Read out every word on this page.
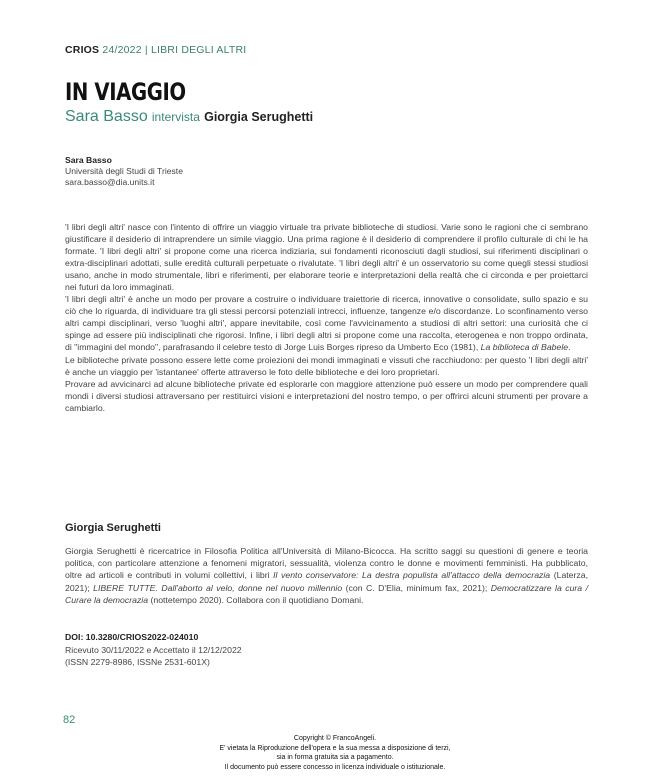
CRIOS 24/2022 | LIBRI DEGLI ALTRI
IN VIAGGIO
Sara Basso intervista Giorgia Serughetti
Sara Basso
Università degli Studi di Trieste
sara.basso@dia.units.it

'I libri degli altri' nasce con l'intento di offrire un viaggio virtuale tra private biblioteche di studiosi. Varie sono le ragioni che ci sembrano giustificare il desiderio di intraprendere un simile viaggio. Una prima ragione è il desiderio di comprendere il profilo culturale di chi le ha formate. 'I libri degli altri' si propone come una ricerca indiziaria, sui fondamenti riconosciuti dagli studiosi, sui riferimenti disciplinari o extra-disciplinari adottati, sulle eredità culturali perpetuate o rivalutate. 'I libri degli altri' è un osservatorio su come quegli stessi studiosi usano, anche in modo strumentale, libri e riferimenti, per elaborare teorie e interpretazioni della realtà che ci circonda e per proiettarci nei futuri da loro immaginati.

'I libri degli altri' è anche un modo per provare a costruire o individuare traiettorie di ricerca, innovative o consolidate, sullo spazio e su ciò che lo riguarda, di individuare tra gli stessi percorsi potenziali intrecci, influenze, tangenze e/o discordanze. Lo sconfinamento verso altri campi disciplinari, verso 'luoghi altri', appare inevitabile, così come l'avvicinamento a studiosi di altri settori: una curiosità che ci spinge ad essere più indisciplinati che rigorosi. Infine, i libri degli altri si propone come una raccolta, eterogenea e non troppo ordinata, di "immagini del mondo", parafrasando il celebre testo di Jorge Luis Borges ripreso da Umberto Eco (1981), La biblioteca di Babele.

Le biblioteche private possono essere lette come proiezioni dei mondi immaginati e vissuti che racchiudono: per questo 'I libri degli altri' è anche un viaggio per 'istantanee' offerte attraverso le foto delle biblioteche e dei loro proprietari.

Provare ad avvicinarci ad alcune biblioteche private ed esplorarle con maggiore attenzione può essere un modo per comprendere quali mondi i diversi studiosi attraversano per restituirci visioni e interpretazioni del nostro tempo, o per offrirci alcuni strumenti per provare a cambiarlo.

Giorgia Serughetti

Giorgia Serughetti è ricercatrice in Filosofia Politica all'Università di Milano-Bicocca. Ha scritto saggi su questioni di genere e teoria politica, con particolare attenzione a fenomeni migratori, sessualità, violenza contro le donne e movimenti femministi. Ha pubblicato, oltre ad articoli e contributi in volumi collettivi, i libri Il vento conservatore: La destra populista all'attacco della democrazia (Laterza, 2021); LIBERE TUTTE. Dall'aborto al velo, donne nel nuovo millennio (con C. D'Elia, minimum fax, 2021); Democratizzare la cura / Curare la democrazia (nottetempo 2020). Collabora con il quotidiano Domani.

DOI: 10.3280/CRIOS2022-024010
Ricevuto 30/11/2022 e Accettato il 12/12/2022
(ISSN 2279-8986, ISSNe 2531-601X)
82
Copyright © FrancoAngeli.
E' vietata la Riproduzione dell'opera e la sua messa a disposizione di terzi,
sia in forma gratuita sia a pagamento.
Il documento può essere concesso in licenza individuale o istituzionale.
